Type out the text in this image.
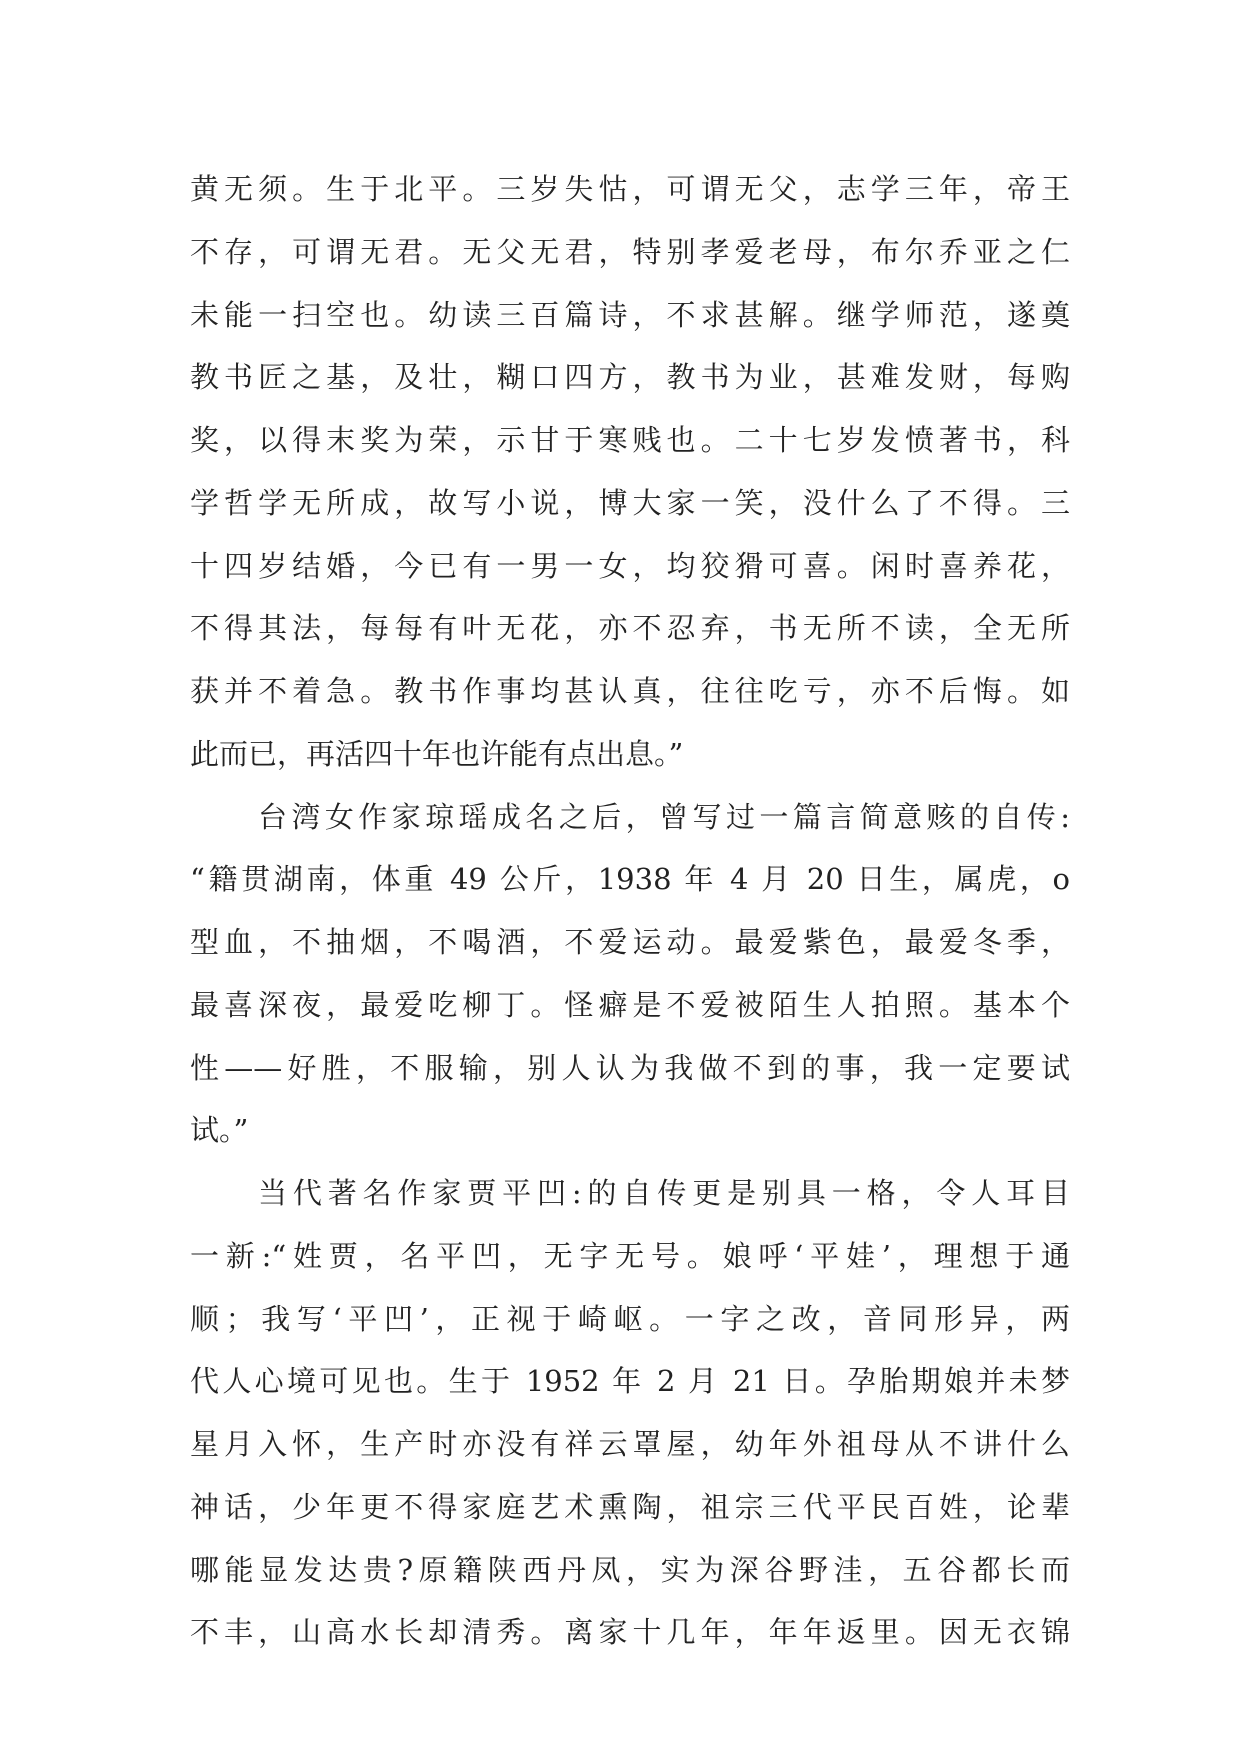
黄无须。生于北平。三岁失怙，可谓无父，志学三年，帝王
不存，可谓无君。无父无君，特别孝爱老母，布尔乔亚之仁
未能一扫空也。幼读三百篇诗，不求甚解。继学师范，遂奠
教书匠之基，及壮，糊口四方，教书为业，甚难发财，每购
奖，以得末奖为荣，示甘于寒贱也。二十七岁发愤著书，科
学哲学无所成，故写小说，博大家一笑，没什么了不得。三
十四岁结婚，今已有一男一女，均狡猾可喜。闲时喜养花，
不得其法，每每有叶无花，亦不忍弃，书无所不读，全无所
获并不着急。教书作事均甚认真，往往吃亏，亦不后悔。如
此而已，再活四十年也许能有点出息。”
台湾女作家琼瑶成名之后，曾写过一篇言简意赅的自传:
“籍贯湖南，体重 49 公斤，1938 年 4 月 20 日生，属虎，o
型血，不抽烟，不喝酒，不爱运动。最爱紫色，最爱冬季，
最喜深夜，最爱吃柳丁。怪癖是不爱被陌生人拍照。基本个
性——好胜，不服输，别人认为我做不到的事，我一定要试
试。”
当代著名作家贾平凹:的自传更是别具一格，令人耳目
一新:“姓贾，名平凹，无字无号。娘呼‘平娃’，理想于通
顺；我写‘平凹’，正视于崎岖。一字之改，音同形异，两
代人心境可见也。生于 1952 年 2 月 21 日。孕胎期娘并未梦
星月入怀，生产时亦没有祥云罩屋，幼年外祖母从不讲什么
神话，少年更不得家庭艺术熏陶，祖宗三代平民百姓，论辈
哪能显发达贵?原籍陕西丹凤，实为深谷野洼，五谷都长而
不丰，山高水长却清秀。离家十几年，年年返里。因无衣锦
